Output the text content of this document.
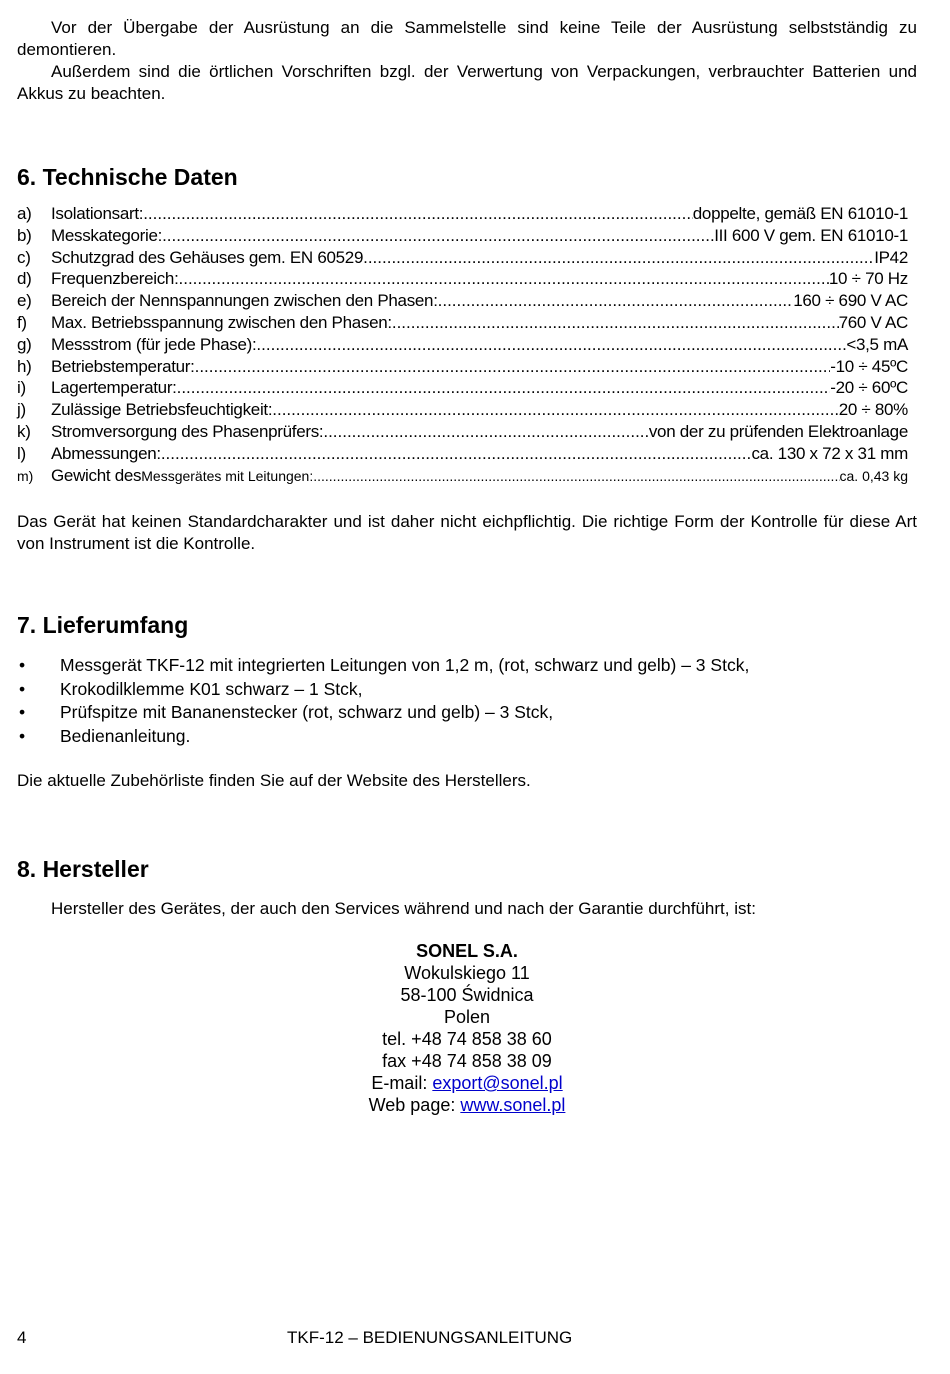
Vor der Übergabe der Ausrüstung an die Sammelstelle sind keine Teile der Ausrüstung selbstständig zu demontieren.
Außerdem sind die örtlichen Vorschriften bzgl. der Verwertung von Verpackungen, verbrauchter Batterien und Akkus zu beachten.
6. Technische Daten
a)	Isolationsart: .....	doppelte, gemäß EN 61010-1
b)	Messkategorie: .....	III 600 V gem. EN 61010-1
c)	Schutzgrad des Gehäuses gem. EN 60529 .....	IP42
d)	Frequenzbereich: .....	10 ÷ 70 Hz
e)	Bereich der Nennspannungen zwischen den Phasen: .....	160 ÷ 690 V AC
f)	Max. Betriebsspannung zwischen den Phasen: .....	760 V AC
g)	Messstrom (für jede Phase): .....	<3,5 mA
h)	Betriebstemperatur: .....	-10 ÷ 45ºC
i)	Lagertemperatur: .....	-20 ÷ 60ºC
j)	Zulässige Betriebsfeuchtigkeit: .....	20 ÷ 80%
k)	Stromversorgung des Phasenprüfers: .....	von der zu prüfenden Elektroanlage
l)	Abmessungen: .....	ca. 130 x 72 x 31 mm
m)	Gewicht des Messgerätes mit Leitungen: .....	ca. 0,43 kg
Das Gerät hat keinen Standardcharakter und ist daher nicht eichpflichtig. Die richtige Form der Kontrolle für diese Art von Instrument ist die Kontrolle.
7. Lieferumfang
• Messgerät TKF-12 mit integrierten Leitungen von 1,2 m, (rot, schwarz und gelb) – 3 Stck,
• Krokodilklemme K01 schwarz – 1 Stck,
• Prüfspitze mit Bananenstecker (rot, schwarz und gelb) – 3 Stck,
• Bedienanleitung.
Die aktuelle Zubehörliste finden Sie auf der Website des Herstellers.
8. Hersteller
Hersteller des Gerätes, der auch den Services während und nach der Garantie durchführt, ist:
SONEL S.A.
Wokulskiego 11
58-100 Świdnica
Polen
tel. +48 74 858 38 60
fax +48 74 858 38 09
E-mail: export@sonel.pl
Web page: www.sonel.pl
4	TKF-12 – BEDIENUNGSANLEITUNG
